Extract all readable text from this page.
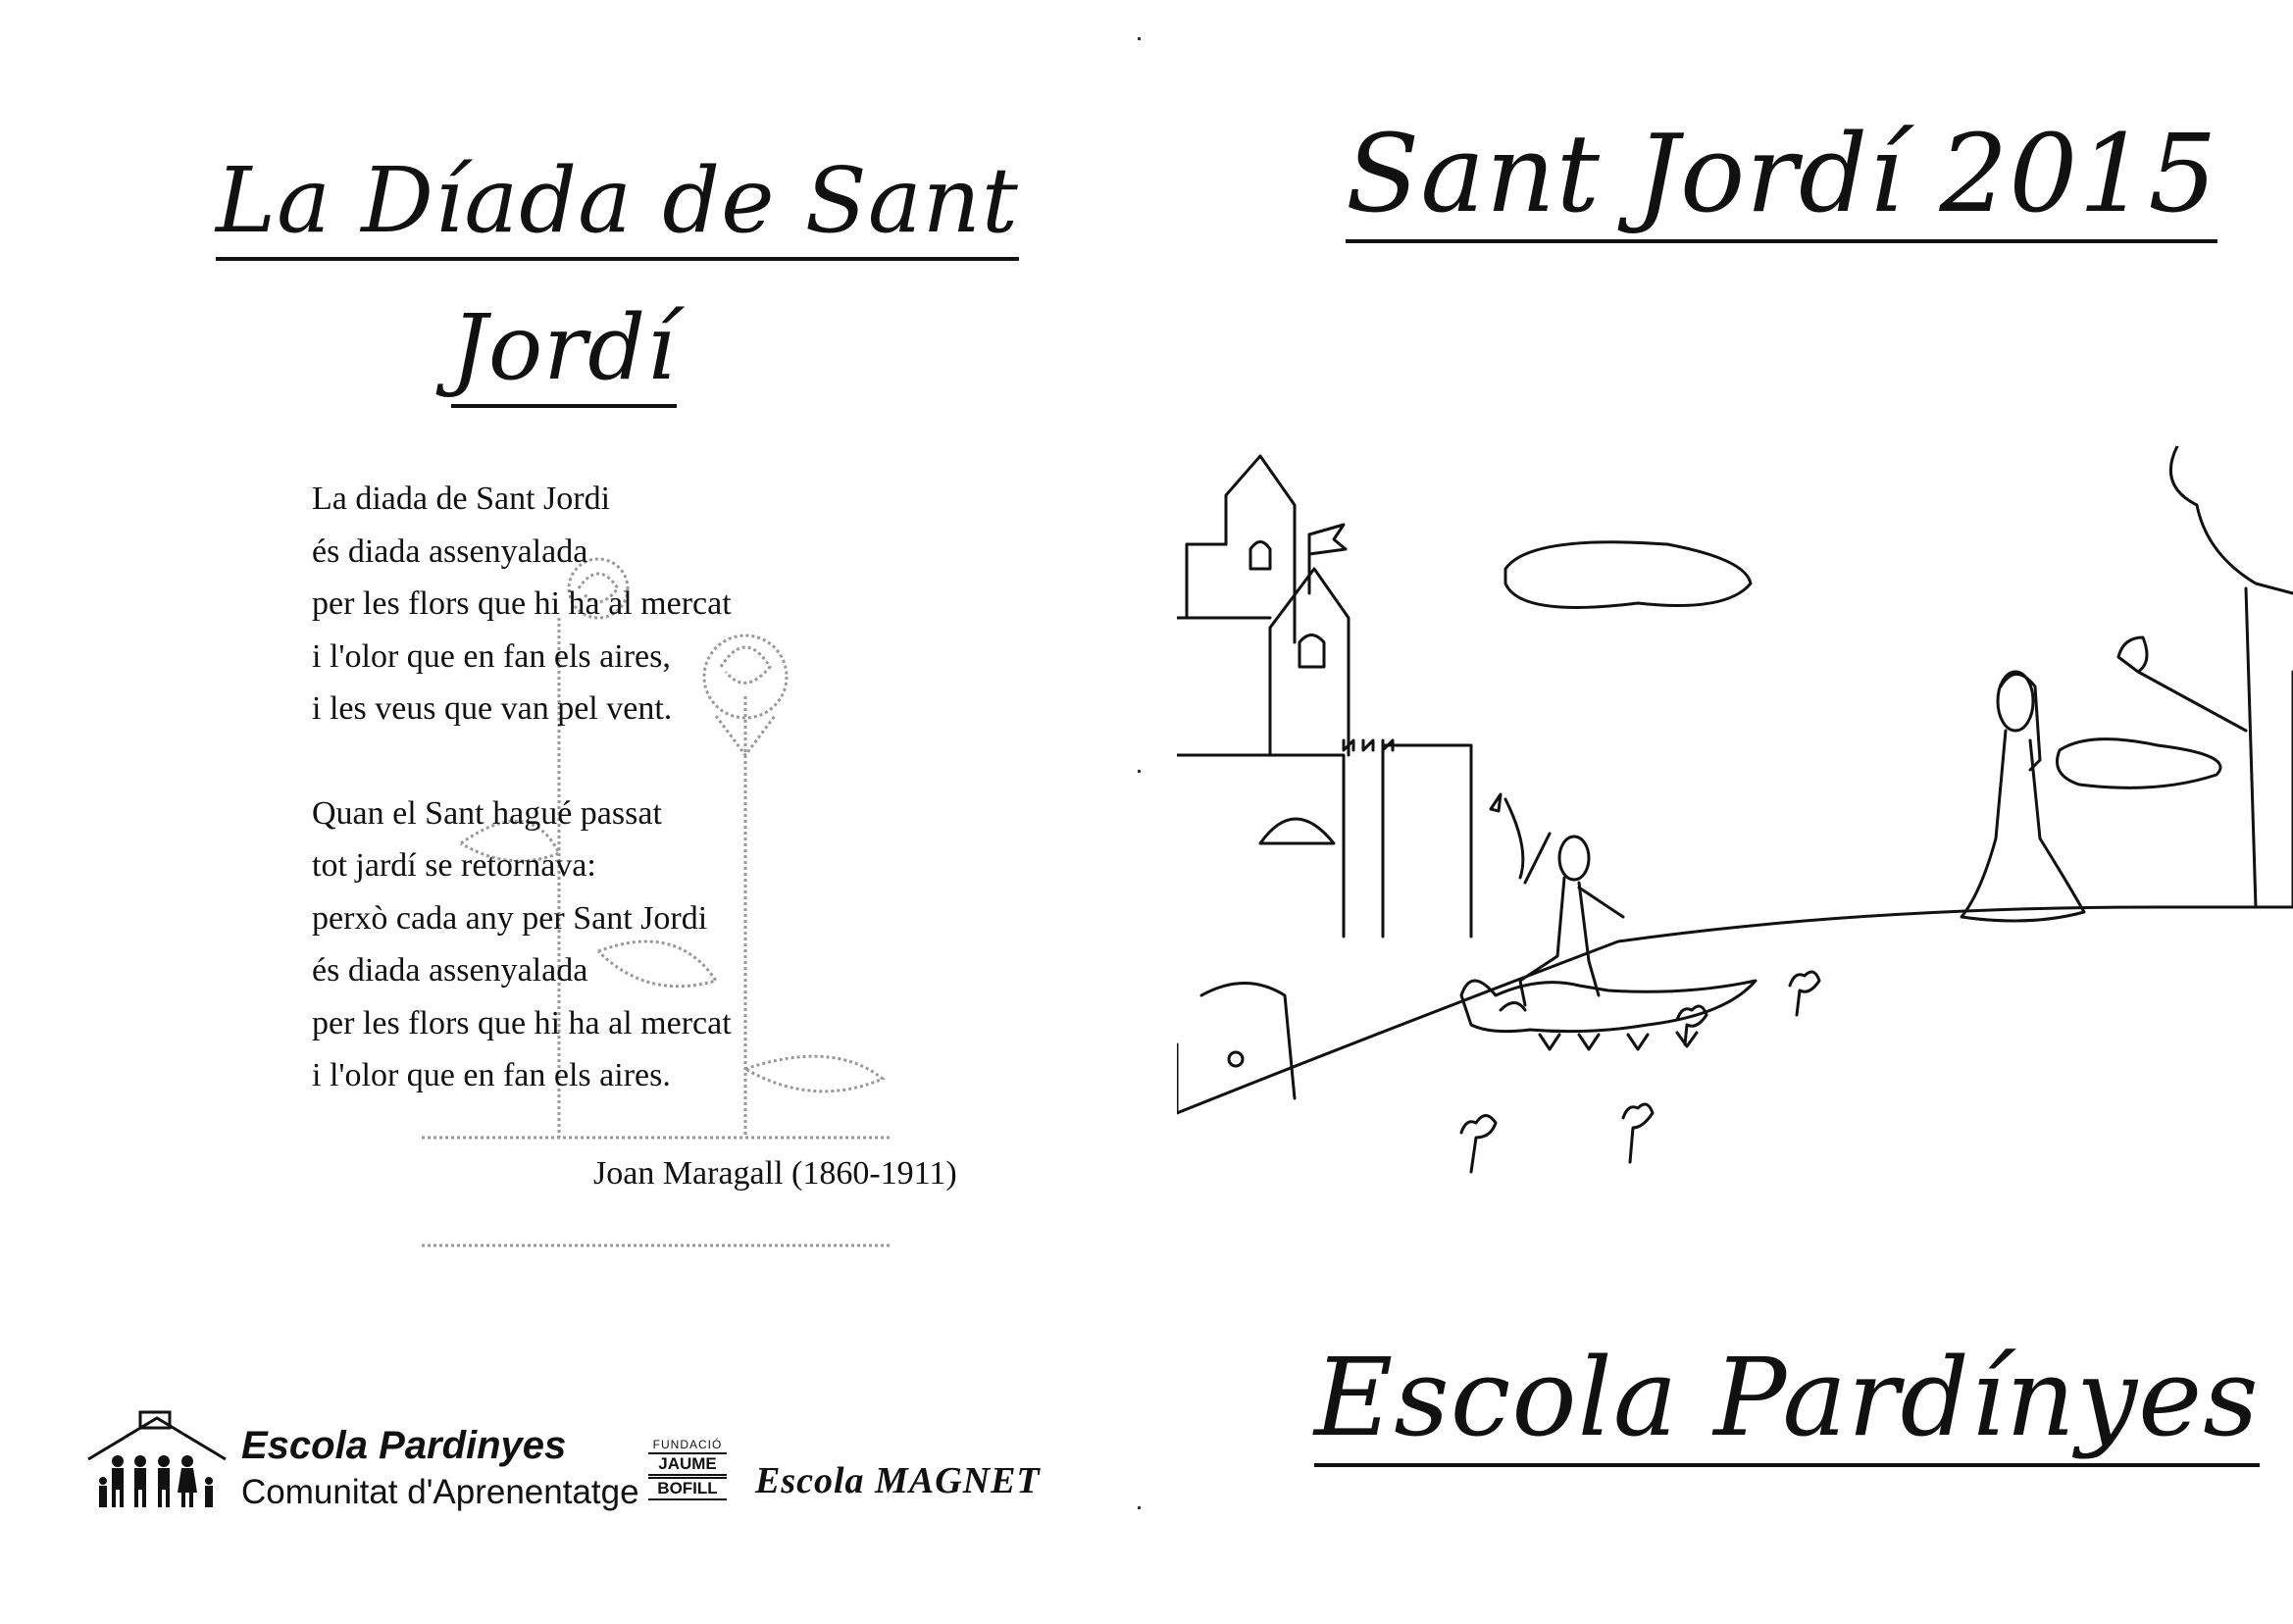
La Díada de Sant
Jordí
La diada de Sant Jordi
és diada assenyalada
per les flors que hi ha al mercat
i l'olor que en fan els aires,
i les veus que van pel vent.
Quan el Sant hagué passat
tot jardí se retornava:
perxò cada any per Sant Jordi
és diada assenyalada
per les flors que hi ha al mercat
i l'olor que en fan els aires.
Joan Maragall (1860-1911)
Escola Pardinyes
Comunitat d'Aprenentatge
FUNDACIÓ
JAUME
BOFILL Escola MAGNET
Sant Jordí 2015
Escola Pardínyes
